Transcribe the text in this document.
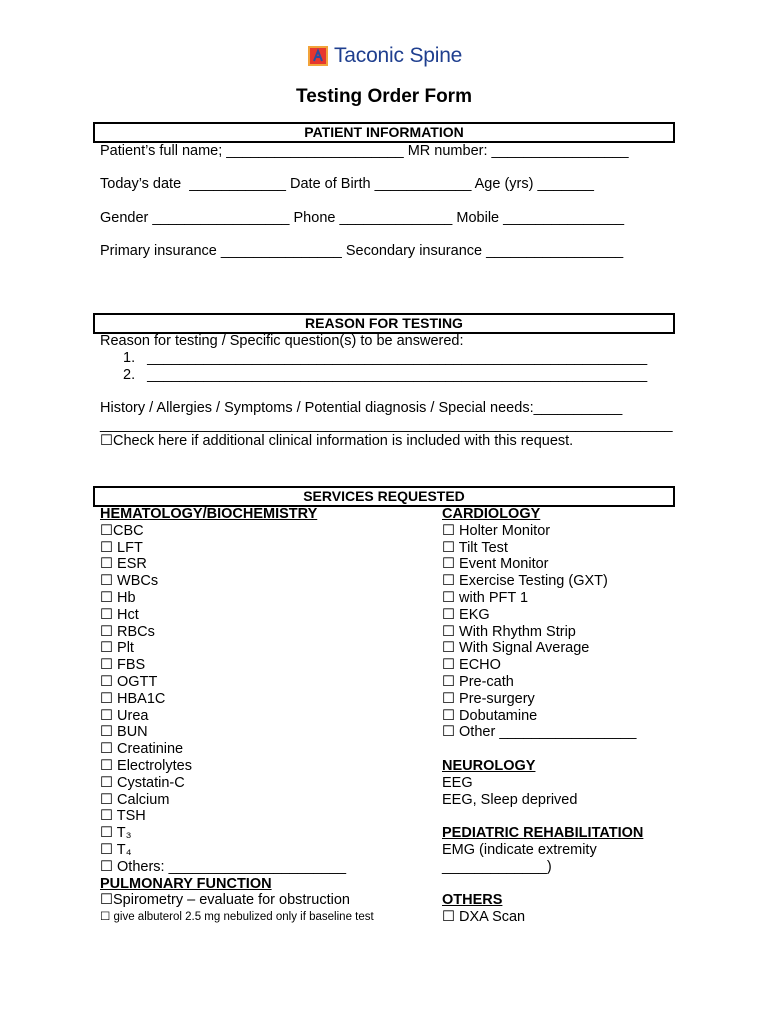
Taconic Spine
Testing Order Form
PATIENT INFORMATION
Patient’s full name; ______________________ MR number: _________________
Today’s date  ____________ Date of Birth ____________ Age (yrs) _______
Gender _________________ Phone ______________ Mobile _______________
Primary insurance _______________ Secondary insurance _________________
REASON FOR TESTING
Reason for testing / Specific question(s) to be answered:
1.   ______________________________________________________________
2.   ______________________________________________________________
History / Allergies / Symptoms / Potential diagnosis / Special needs:___________
_______________________________________________________________________
☐Check here if additional clinical information is included with this request.
SERVICES REQUESTED
HEMATOLOGY/BIOCHEMISTRY
☐CBC
☐ LFT
☐ ESR
☐ WBCs
☐ Hb
☐ Hct
☐ RBCs
☐ Plt
☐ FBS
☐ OGTT
☐ HBA1C
☐ Urea
☐ BUN
☐ Creatinine
☐ Electrolytes
☐ Cystatin-C
☐ Calcium
☐ TSH
☐ T₃
☐ T₄
☐ Others: ______________________
PULMONARY FUNCTION
☐Spirometry – evaluate for obstruction
☐ give albuterol 2.5 mg nebulized only if baseline test
CARDIOLOGY
☐ Holter Monitor
☐ Tilt Test
☐ Event Monitor
☐ Exercise Testing (GXT)
☐ with PFT 1
☐ EKG
☐ With Rhythm Strip
☐ With Signal Average
☐ ECHO
☐ Pre-cath
☐ Pre-surgery
☐ Dobutamine
☐ Other _________________
NEUROLOGY
EEG
EEG, Sleep deprived
PEDIATRIC REHABILITATION
EMG (indicate extremity
_____________)
OTHERS
☐ DXA Scan
